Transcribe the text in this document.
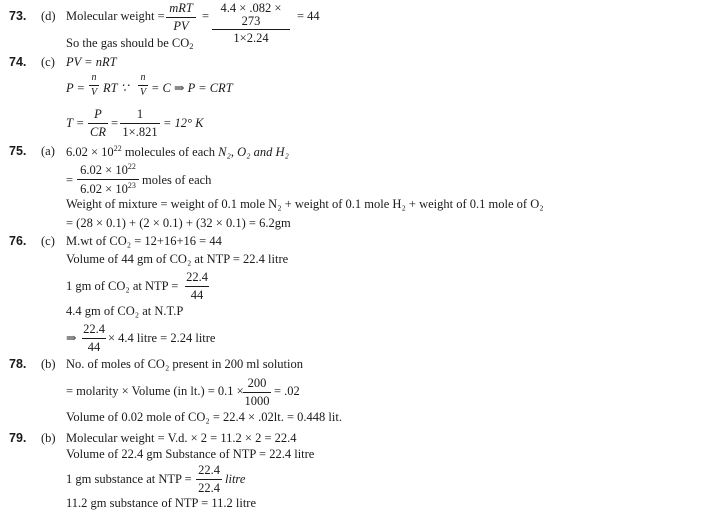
73. (d) Molecular weight =
mRT
PV
= $\frac{4.4 \times .082 \times 273}{1\times 2.24} = 44$
So the gas should be $CO_2$
74. (c) PV = nRT
$P = \frac{n}{V}$ RT ∵ $\frac{n}{V} = C$ ⇒ P = CRT
$T = \frac{P}{CR} = \frac{1}{1\times.821} = 12^\circ$ K
75. (a) $6.02 \times 10^{22}$ molecules of each N₂, O₂ and H₂
= $\frac{6.02 \times 10^{22}}{6.02 \times 10^{23}}$ moles of each
Weight of mixture = weight of 0.1 mole N₂ + weight of 0.1 mole H₂ + weight of 0.1 mole of O₂
= (28 × 0.1) + (2 × 0.1) + (32 × 0.1) = 6.2gm
76. (c) M.wt of CO₂ = 12+16+16 = 44
Volume of 44 gm of CO₂ at NTP = 22.4 litre
1 gm of CO₂ at NTP = $\frac{22.4}{44}$
4.4 gm of CO₂ at N.T.P
⇒ $\frac{22.4}{44} \times 4.4$ litre = 2.24 litre
78. (b) No. of moles of CO₂ present in 200 ml solution
= molarity × Volume (in $lt.) = 0.1 \times \frac{200}{1000} = .02$
Volume of 0.02 mole of CO₂ = 22.4 × .02lt. = 0.448 lit.
79. (b) Molecular weight = V.d. × 2 = 11.2 × 2 = 22.4
Volume of 22.4 gm Substance of NTP = 22.4 litre
1 gm substance at NTP = $\frac{22.4}{22.4}$ litre
11.2 gm substance of NTP = 11.2 litre
